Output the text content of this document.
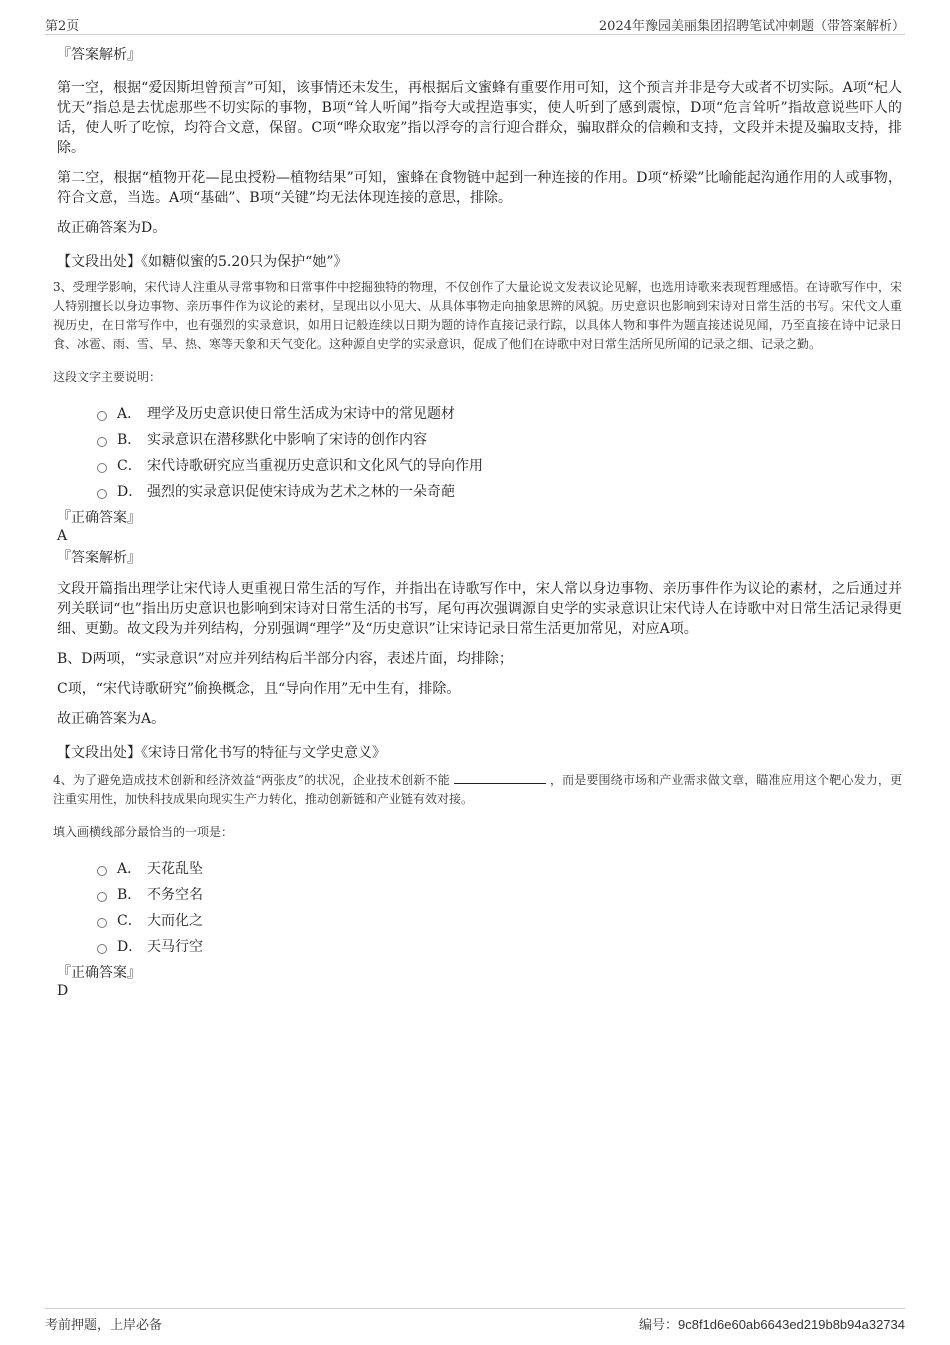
第2页	2024年豫园美丽集团招聘笔试冲刺题（带答案解析）

『答案解析』

第一空，根据“爱因斯坦曾预言”可知，该事情还未发生，再根据后文蜜蜂有重要作用可知，这个预言并非是夸大或者不切实际。A项“杞人忧天”指总是去忧虑那些不切实际的事物，B项“耸人听闻”指夸大或捏造事实，使人听到了感到震惊，D项“危言耸听”指故意说些吓人的话，使人听了吃惊，均符合文意，保留。C项“哗众取宠”指以浮夸的言行迎合群众，骗取群众的信赖和支持，文段并未提及骗取支持，排除。

第二空，根据“植物开花—昆虫授粉—植物结果”可知，蜜蜂在食物链中起到一种连接的作用。D项“桥梁”比喻能起沟通作用的人或事物，符合文意，当选。A项“基础”、B项“关键”均无法体现连接的意思，排除。

故正确答案为D。

【文段出处】《如糖似蜜的5.20只为保护“她”》

3、受理学影响，宋代诗人注重从寻常事物和日常事件中挖掘独特的物理，不仅创作了大量论说文发表议论见解，也选用诗歌来表现哲理感悟。在诗歌写作中，宋人特别擅长以身边事物、亲历事件作为议论的素材，呈现出以小见大、从具体事物走向抽象思辨的风貌。历史意识也影响到宋诗对日常生活的书写。宋代文人重视历史，在日常写作中，也有强烈的实录意识，如用日记般连续以日期为题的诗作直接记录行踪，以具体人物和事件为题直接述说见闻，乃至直接在诗中记录日食、冰雹、雨、雪、旱、热、寒等天象和天气变化。这种源自史学的实录意识，促成了他们在诗歌中对日常生活所见所闻的记录之细、记录之勤。

这段文字主要说明：

A． 理学及历史意识使日常生活成为宋诗中的常见题材
B． 实录意识在潜移默化中影响了宋诗的创作内容
C． 宋代诗歌研究应当重视历史意识和文化风气的导向作用
D． 强烈的实录意识促使宋诗成为艺术之林的一朵奇葩

『正确答案』

A

『答案解析』

文段开篇指出理学让宋代诗人更重视日常生活的写作，并指出在诗歌写作中，宋人常以身边事物、亲历事件作为议论的素材，之后通过并列关联词“也”指出历史意识也影响到宋诗对日常生活的书写，尾句再次强调源自史学的实录意识让宋代诗人在诗歌中对日常生活记录得更细、更勤。故文段为并列结构，分别强调“理学”及“历史意识”让宋诗记录日常生活更加常见，对应A项。

B、D两项，“实录意识”对应并列结构后半部分内容，表述片面，均排除；

C项，“宋代诗歌研究”偷换概念，且“导向作用”无中生有，排除。

故正确答案为A。

【文段出处】《宋诗日常化书写的特征与文学史意义》

4、为了避免造成技术创新和经济效益“两张皮”的状况，企业技术创新不能	，而是要围绕市场和产业需求做文章，瞄准应用这个靶心发力，更注重实用性，加快科技成果向现实生产力转化，推动创新链和产业链有效对接。

填入画横线部分最恰当的一项是：

A． 天花乱坠
B． 不务空名
C． 大而化之
D． 天马行空

『正确答案』

D

考前押题，上岸必备	编号：9c8f1d6e60ab6643ed219b8b94a32734
